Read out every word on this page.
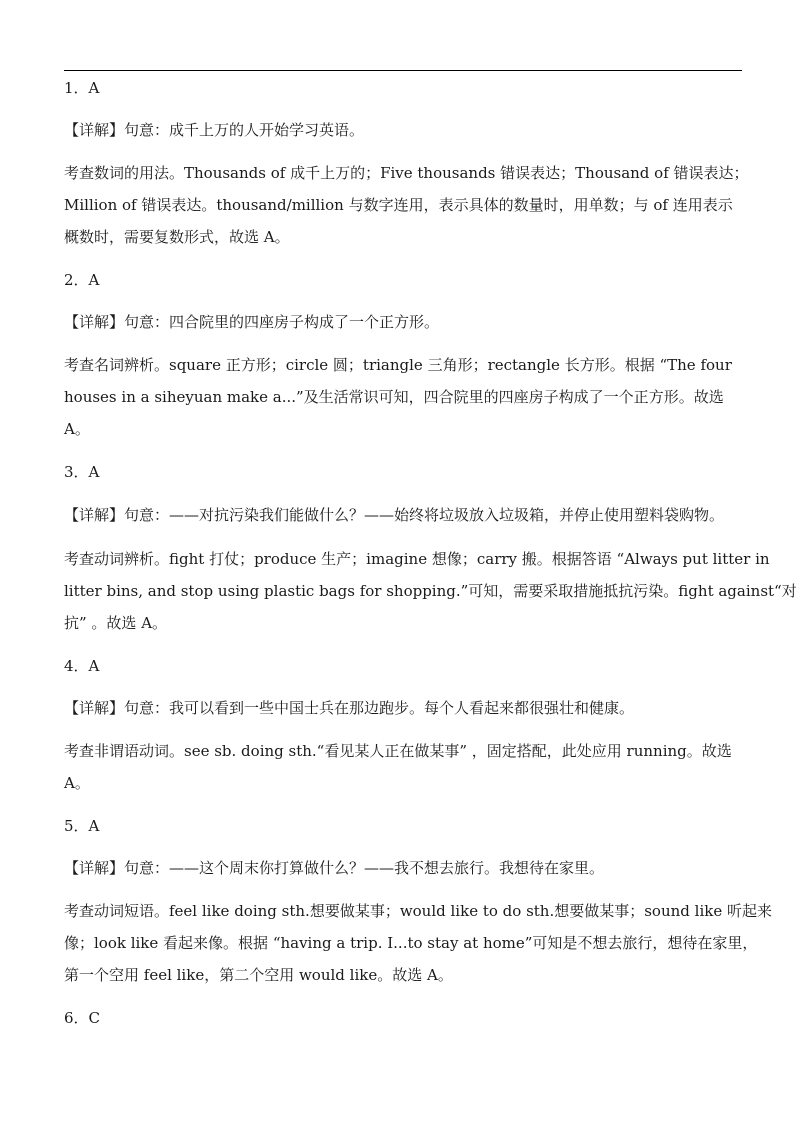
1．A

【详解】句意：成千上万的人开始学习英语。

考查数词的用法。Thousands of 成千上万的；Five thousands 错误表达；Thousand of 错误表达；
Million of 错误表达。thousand/million 与数字连用，表示具体的数量时，用单数；与 of 连用表示
概数时，需要复数形式，故选 A。

2．A

【详解】句意：四合院里的四座房子构成了一个正方形。

考查名词辨析。square 正方形；circle 圆；triangle 三角形；rectangle 长方形。根据 “The four
houses in a siheyuan make a...”及生活常识可知，四合院里的四座房子构成了一个正方形。故选
A。

3．A

【详解】句意：——对抗污染我们能做什么？——始终将垃圾放入垃圾箱，并停止使用塑料袋购物。

考查动词辨析。fight 打仗；produce 生产；imagine 想像；carry 搬。根据答语 “Always put litter in
litter bins, and stop using plastic bags for shopping.”可知，需要采取措施抵抗污染。fight against“对
抗” 。故选 A。

4．A

【详解】句意：我可以看到一些中国士兵在那边跑步。每个人看起来都很强壮和健康。

考查非谓语动词。see sb. doing sth.“看见某人正在做某事” ，固定搭配，此处应用 running。故选
A。

5．A

【详解】句意：——这个周末你打算做什么？——我不想去旅行。我想待在家里。

考查动词短语。feel like doing sth.想要做某事；would like to do sth.想要做某事；sound like 听起来
像；look like 看起来像。根据 “having a trip. I...to stay at home”可知是不想去旅行，想待在家里，
第一个空用 feel like，第二个空用 would like。故选 A。

6．C
